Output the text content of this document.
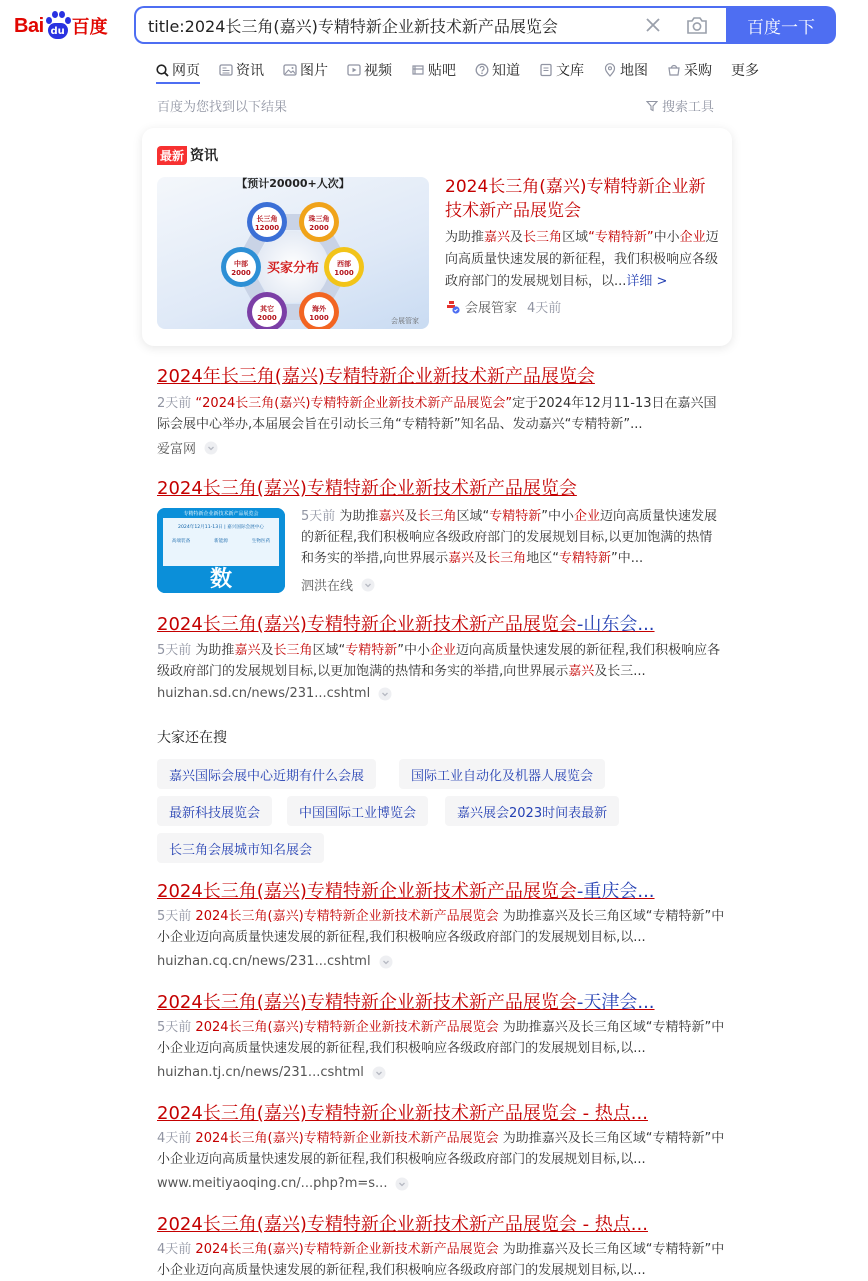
Bai du 百度
title:2024长三角(嘉兴)专精特新企业新技术新产品展览会	百度一下
网页	资讯	图片	视频	贴吧	知道	文库	地图	采购 更多
百度为您找到以下结果	搜索工具
最新 资讯
【预计20000+人次】
买家分布
长三角
12000
珠三角
2000
西部
1000
海外
1000
其它
2000
中部
2000
会展管家
2024长三角(嘉兴)专精特新企业新技术新产品展览会
为助推嘉兴及长三角区域“专精特新”中小企业迈向高质量快速发展的新征程，我们积极响应各级政府部门的发展规划目标，以...详细 >
会展管家 4天前
2024年长三角(嘉兴)专精特新企业新技术新产品展览会
2天前 “2024长三角(嘉兴)专精特新企业新技术新产品展览会”定于2024年12月11-13日在嘉兴国际会展中心举办,本届展会旨在引动长三角“专精特新”知名品、发动嘉兴“专精特新”...
爱富网
2024长三角(嘉兴)专精特新企业新技术新产品展览会
专精特新企业新技术新产品展览会
2024年12月11-13日 | 嘉兴国际会展中心
高端装备	新能源	生物医药
数
5天前 为助推嘉兴及长三角区域“专精特新”中小企业迈向高质量快速发展的新征程,我们积极响应各级政府部门的发展规划目标,以更加饱满的热情和务实的举措,向世界展示嘉兴及长三角地区“专精特新”中...
泗洪在线
2024长三角(嘉兴)专精特新企业新技术新产品展览会-山东会...
5天前 为助推嘉兴及长三角区域“专精特新”中小企业迈向高质量快速发展的新征程,我们积极响应各级政府部门的发展规划目标,以更加饱满的热情和务实的举措,向世界展示嘉兴及长三...
huizhan.sd.cn/news/231...cshtml
大家还在搜
嘉兴国际会展中心近期有什么会展	国际工业自动化及机器人展览会
最新科技展览会	中国国际工业博览会	嘉兴展会2023时间表最新
长三角会展城市知名展会
2024长三角(嘉兴)专精特新企业新技术新产品展览会-重庆会...
5天前 2024长三角(嘉兴)专精特新企业新技术新产品展览会 为助推嘉兴及长三角区域“专精特新”中小企业迈向高质量快速发展的新征程,我们积极响应各级政府部门的发展规划目标,以...
huizhan.cq.cn/news/231...cshtml
2024长三角(嘉兴)专精特新企业新技术新产品展览会-天津会...
5天前 2024长三角(嘉兴)专精特新企业新技术新产品展览会 为助推嘉兴及长三角区域“专精特新”中小企业迈向高质量快速发展的新征程,我们积极响应各级政府部门的发展规划目标,以...
huizhan.tj.cn/news/231...cshtml
2024长三角(嘉兴)专精特新企业新技术新产品展览会 - 热点...
4天前 2024长三角(嘉兴)专精特新企业新技术新产品展览会 为助推嘉兴及长三角区域“专精特新”中小企业迈向高质量快速发展的新征程,我们积极响应各级政府部门的发展规划目标,以...
www.meitiyaoqing.cn/...php?m=s...
2024长三角(嘉兴)专精特新企业新技术新产品展览会 - 热点...
4天前 2024长三角(嘉兴)专精特新企业新技术新产品展览会 为助推嘉兴及长三角区域“专精特新”中小企业迈向高质量快速发展的新征程,我们积极响应各级政府部门的发展规划目标,以...
